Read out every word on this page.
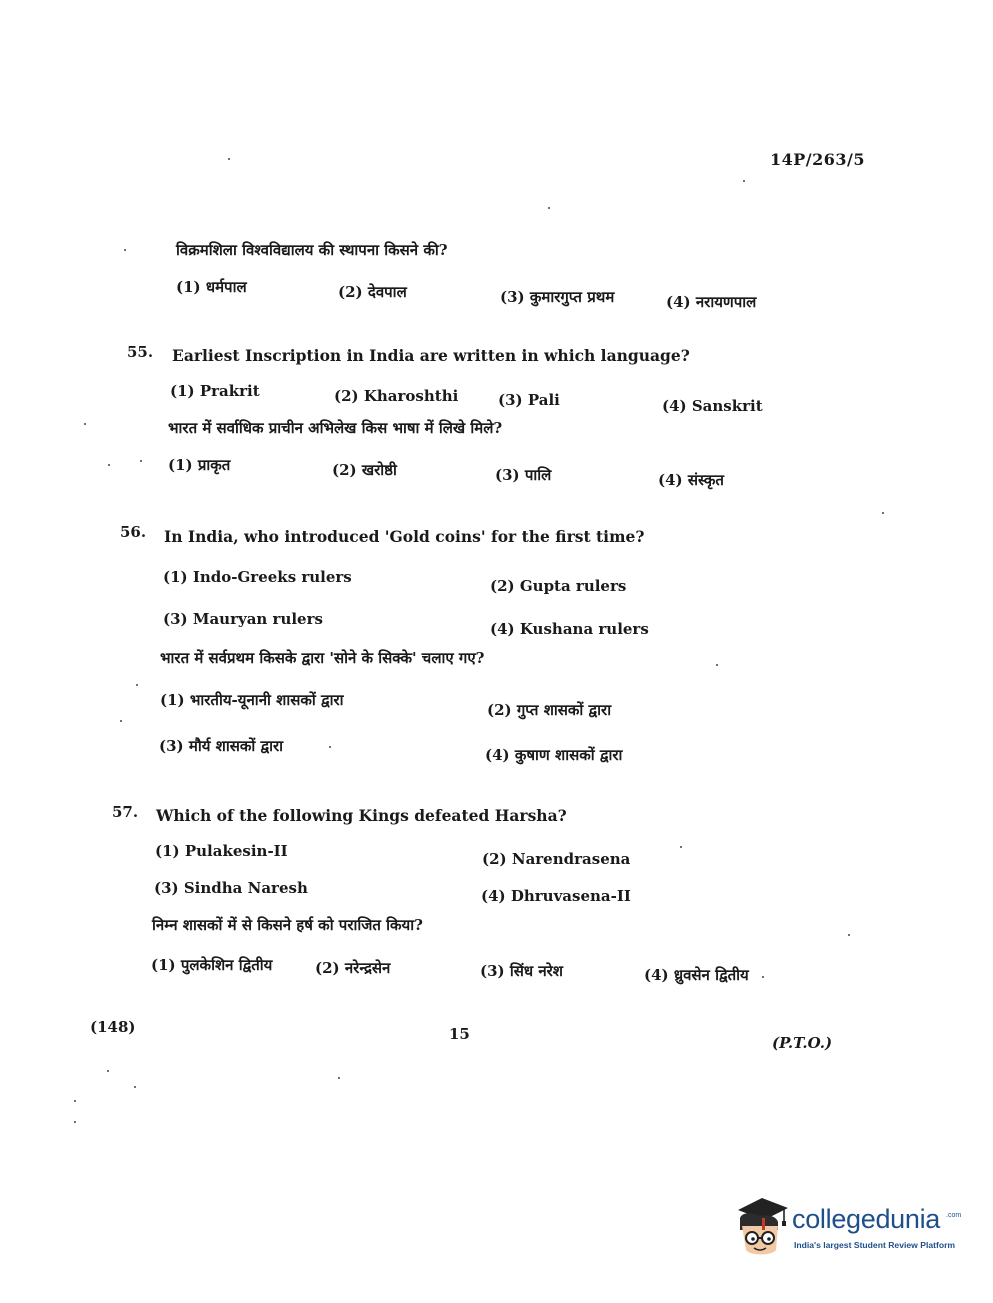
14P/263/5
विक्रमशिला विश्वविद्यालय की स्थापना किसने की?
(1) धर्मपाल	(2) देवपाल	(3) कुमारगुप्त प्रथम	(4) नरायणपाल
55. Earliest Inscription in India are written in which language?
(1) Prakrit	(2) Kharoshthi	(3) Pali	(4) Sanskrit
भारत में सर्वाधिक प्राचीन अभिलेख किस भाषा में लिखे मिले?
(1) प्राकृत	(2) खरोष्ठी	(3) पालि	(4) संस्कृत
56. In India, who introduced 'Gold coins' for the first time?
(1) Indo-Greeks rulers	(2) Gupta rulers
(3) Mauryan rulers
(4) Kushana rulers
भारत में सर्वप्रथम किसके द्वारा 'सोने के सिक्के' चलाए गए?
(1) भारतीय-यूनानी शासकों द्वारा
(2) गुप्त शासकों द्वारा
(3) मौर्य शासकों द्वारा	(4) कुषाण शासकों द्वारा
57. Which of the following Kings defeated Harsha?
(1) Pulakesin-II	(2) Narendrasena
(3) Sindha Naresh	(4) Dhruvasena-II
निम्न शासकों में से किसने हर्ष को पराजित किया?
(1) पुलकेशिन द्वितीय	(2) नरेन्द्रसेन	(3) सिंध नरेश	(4) ध्रुवसेन द्वितीय
(148)	15	(P.T.O.)
collegedunia .com
India's largest Student Review Platform
